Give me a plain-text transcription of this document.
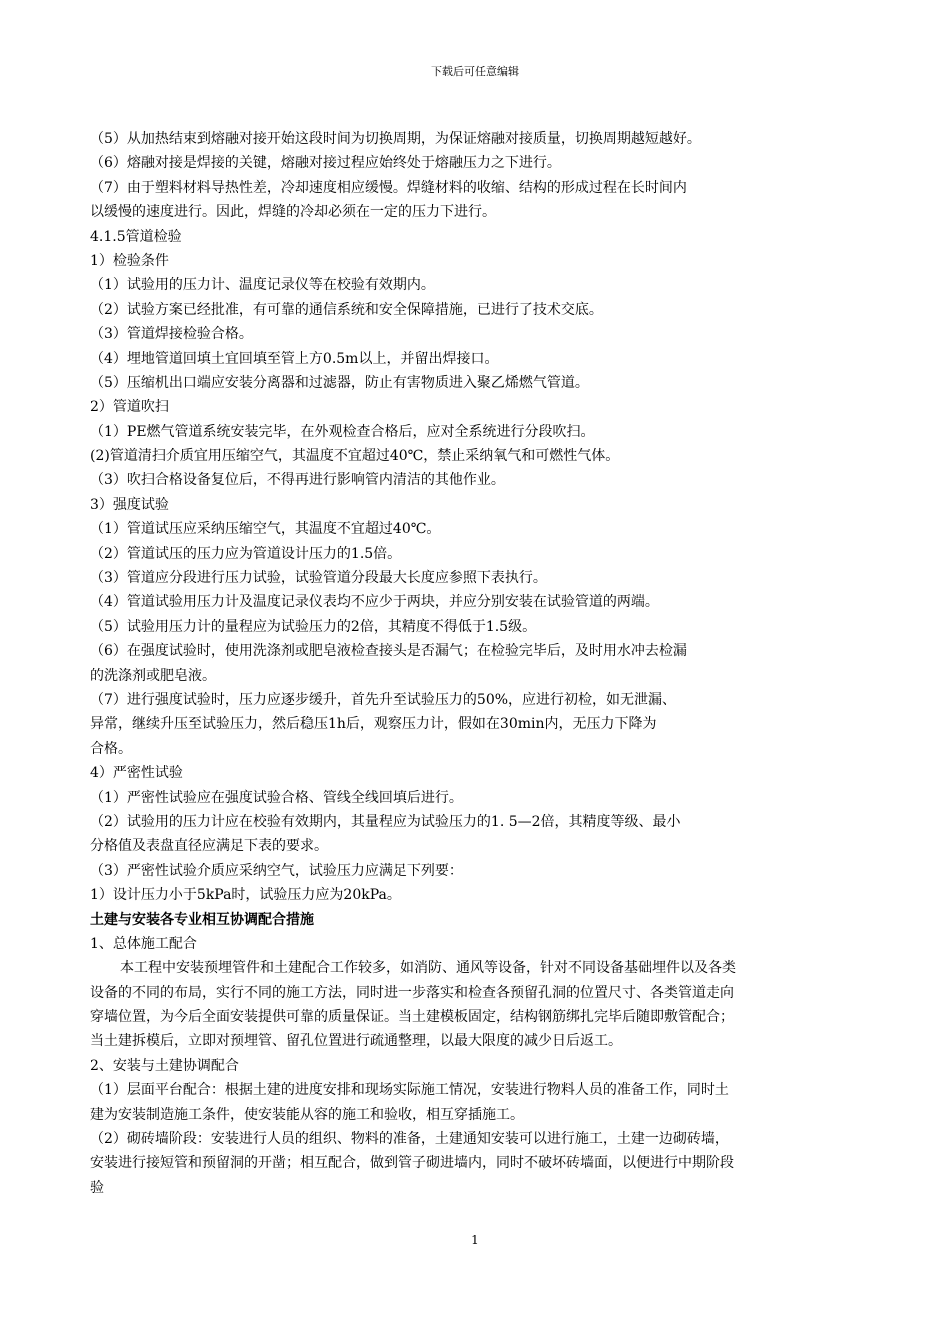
下载后可任意编辑
（5）从加热结束到熔融对接开始这段时间为切换周期，为保证熔融对接质量，切换周期越短越好。
（6）熔融对接是焊接的关键，熔融对接过程应始终处于熔融压力之下进行。
（7）由于塑料材料导热性差，冷却速度相应缓慢。焊缝材料的收缩、结构的形成过程在长时间内
以缓慢的速度进行。因此，焊缝的冷却必须在一定的压力下进行。
4.1.5管道检验
1）检验条件
（1）试验用的压力计、温度记录仪等在校验有效期内。
（2）试验方案已经批准，有可靠的通信系统和安全保障措施，已进行了技术交底。
（3）管道焊接检验合格。
（4）埋地管道回填土宜回填至管上方0.5m以上，并留出焊接口。
（5）压缩机出口端应安装分离器和过滤器，防止有害物质进入聚乙烯燃气管道。
2）管道吹扫
（1）PE燃气管道系统安装完毕，在外观检查合格后，应对全系统进行分段吹扫。
(2)管道清扫介质宜用压缩空气，其温度不宜超过40℃，禁止采纳氧气和可燃性气体。
（3）吹扫合格设备复位后，不得再进行影响管内清洁的其他作业。
3）强度试验
（1）管道试压应采纳压缩空气，其温度不宜超过40℃。
（2）管道试压的压力应为管道设计压力的1.5倍。
（3）管道应分段进行压力试验，试验管道分段最大长度应参照下表执行。
（4）管道试验用压力计及温度记录仪表均不应少于两块，并应分别安装在试验管道的两端。
（5）试验用压力计的量程应为试验压力的2倍，其精度不得低于1.5级。
（6）在强度试验时，使用洗涤剂或肥皂液检查接头是否漏气；在检验完毕后，及时用水冲去检漏
的洗涤剂或肥皂液。
（7）进行强度试验时，压力应逐步缓升，首先升至试验压力的50%，应进行初检，如无泄漏、
异常，继续升压至试验压力，然后稳压1h后，观察压力计，假如在30min内，无压力下降为
合格。
4）严密性试验
（1）严密性试验应在强度试验合格、管线全线回填后进行。
（2）试验用的压力计应在校验有效期内，其量程应为试验压力的1. 5—2倍，其精度等级、最小
分格值及表盘直径应满足下表的要求。
（3）严密性试验介质应采纳空气，试验压力应满足下列要：
1）设计压力小于5kPa时，试验压力应为20kPa。
土建与安装各专业相互协调配合措施
1、总体施工配合
本工程中安装预埋管件和土建配合工作较多，如消防、通风等设备，针对不同设备基础埋件以及各类
设备的不同的布局，实行不同的施工方法，同时进一步落实和检查各预留孔洞的位置尺寸、各类管道走向
穿墙位置，为今后全面安装提供可靠的质量保证。当土建模板固定，结构钢筋绑扎完毕后随即敷管配合；
当土建拆模后，立即对预埋管、留孔位置进行疏通整理，以最大限度的减少日后返工。
2、安装与土建协调配合
（1）层面平台配合：根据土建的进度安排和现场实际施工情况，安装进行物料人员的准备工作，同时土
建为安装制造施工条件，使安装能从容的施工和验收，相互穿插施工。
（2）砌砖墙阶段：安装进行人员的组织、物料的准备，土建通知安装可以进行施工，土建一边砌砖墙，
安装进行接短管和预留洞的开凿；相互配合，做到管子砌进墙内，同时不破坏砖墙面，以便进行中期阶段
验
1
